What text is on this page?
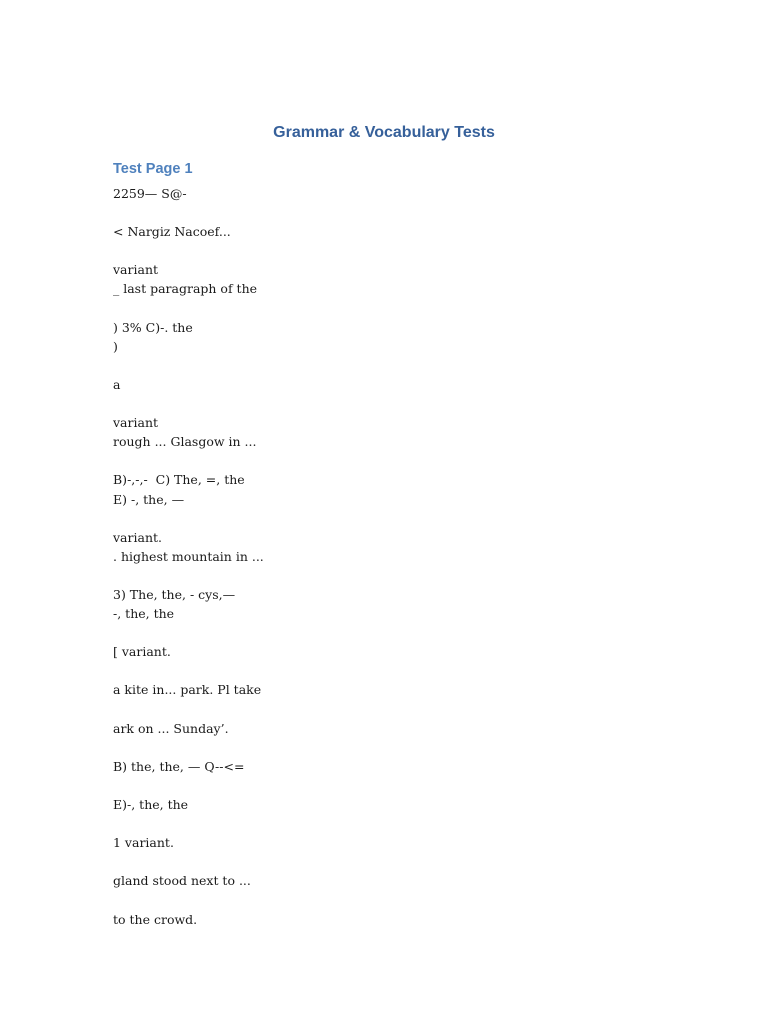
Grammar & Vocabulary Tests
Test Page 1
2259— S@-
< Nargiz Nacoef...
variant
_ last paragraph of the
) 3% C)-. the
)
a
variant
rough ... Glasgow in ...
B)-,-,-  C) The, =, the
E) -, the, —
variant.
. highest mountain in ...
3) The, the, - cys,—
-, the, the
[ variant.
a kite in... park. Pl take
ark on ... Sunday’.
B) the, the, — Q--<=
E)-, the, the
1 variant.
gland stood next to ...
to the crowd.
